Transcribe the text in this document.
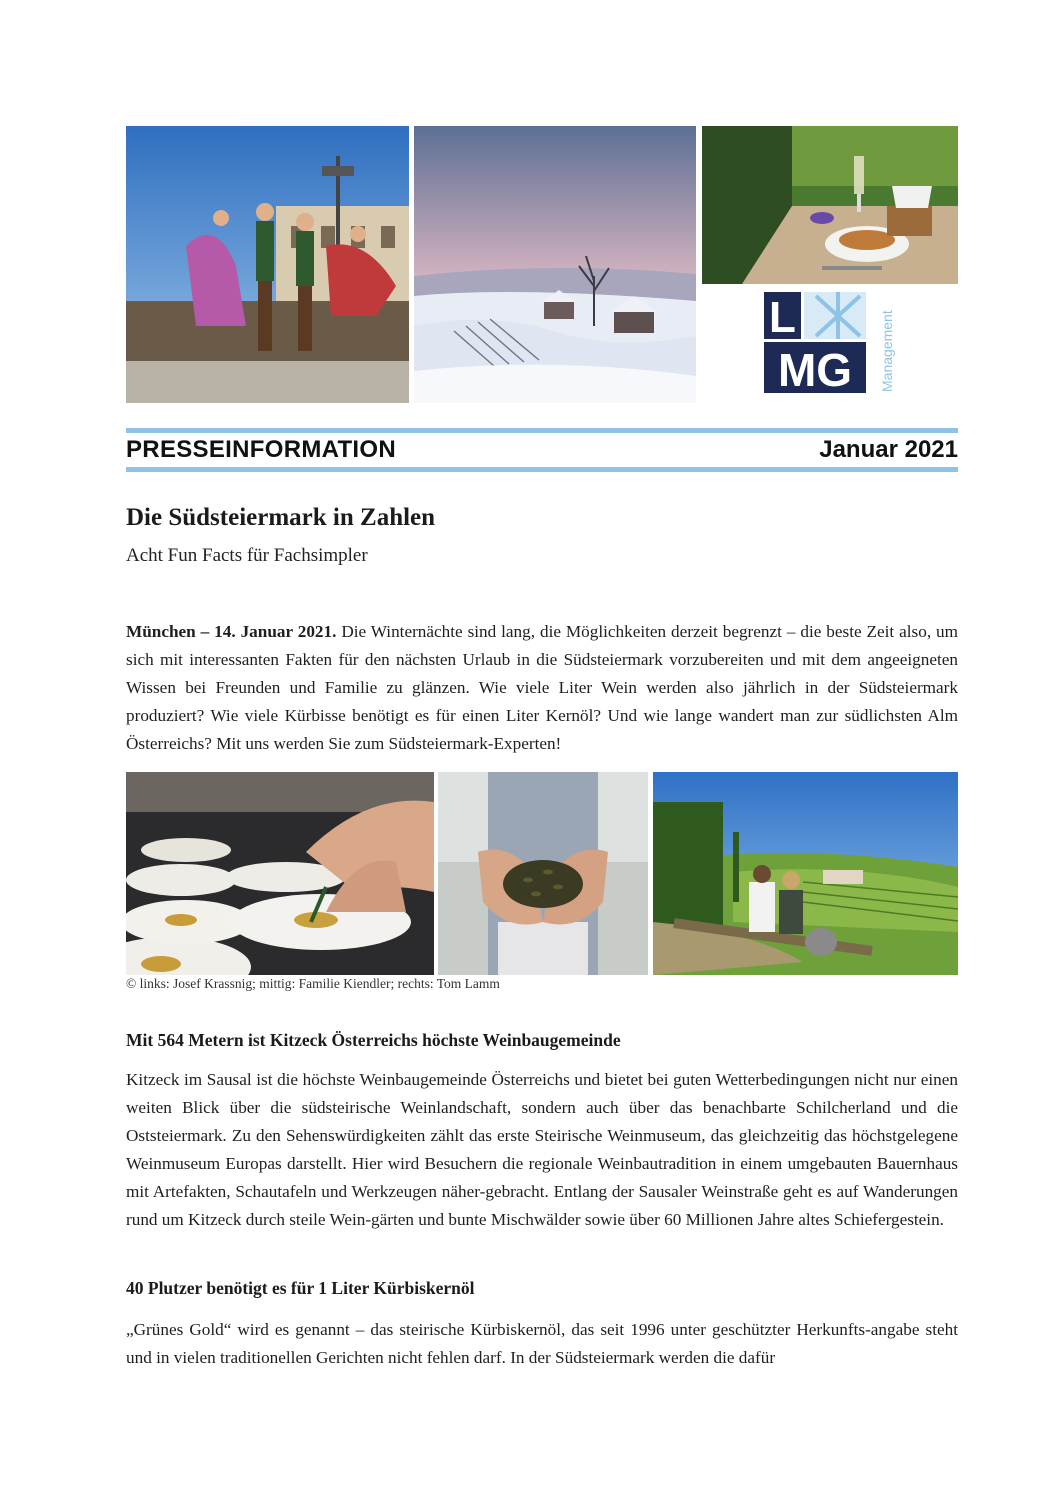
L
MG Management
PRESSEINFORMATION	Januar 2021
Die Südsteiermark in Zahlen
Acht Fun Facts für Fachsimpler
München – 14. Januar 2021. Die Winternächte sind lang, die Möglichkeiten derzeit begrenzt – die beste Zeit also, um sich mit interessanten Fakten für den nächsten Urlaub in die Südsteiermark vorzubereiten und mit dem angeeigneten Wissen bei Freunden und Familie zu glänzen. Wie viele Liter Wein werden also jährlich in der Südsteiermark produziert? Wie viele Kürbisse benötigt es für einen Liter Kernöl? Und wie lange wandert man zur südlichsten Alm Österreichs? Mit uns werden Sie zum Südsteiermark-Experten!
© links: Josef Krassnig; mittig: Familie Kiendler; rechts: Tom Lamm
Mit 564 Metern ist Kitzeck Österreichs höchste Weinbaugemeinde
Kitzeck im Sausal ist die höchste Weinbaugemeinde Österreichs und bietet bei guten Wetterbedingungen nicht nur einen weiten Blick über die südsteirische Weinlandschaft, sondern auch über das benachbarte Schilcherland und die Oststeiermark. Zu den Sehenswürdigkeiten zählt das erste Steirische Weinmuseum, das gleichzeitig das höchstgelegene Weinmuseum Europas darstellt. Hier wird Besuchern die regionale Weinbautradition in einem umgebauten Bauernhaus mit Artefakten, Schautafeln und Werkzeugen näher-gebracht. Entlang der Sausaler Weinstraße geht es auf Wanderungen rund um Kitzeck durch steile Wein-gärten und bunte Mischwälder sowie über 60 Millionen Jahre altes Schiefergestein.
40 Plutzer benötigt es für 1 Liter Kürbiskernöl
„Grünes Gold“ wird es genannt – das steirische Kürbiskernöl, das seit 1996 unter geschützter Herkunfts-angabe steht und in vielen traditionellen Gerichten nicht fehlen darf. In der Südsteiermark werden die dafür
